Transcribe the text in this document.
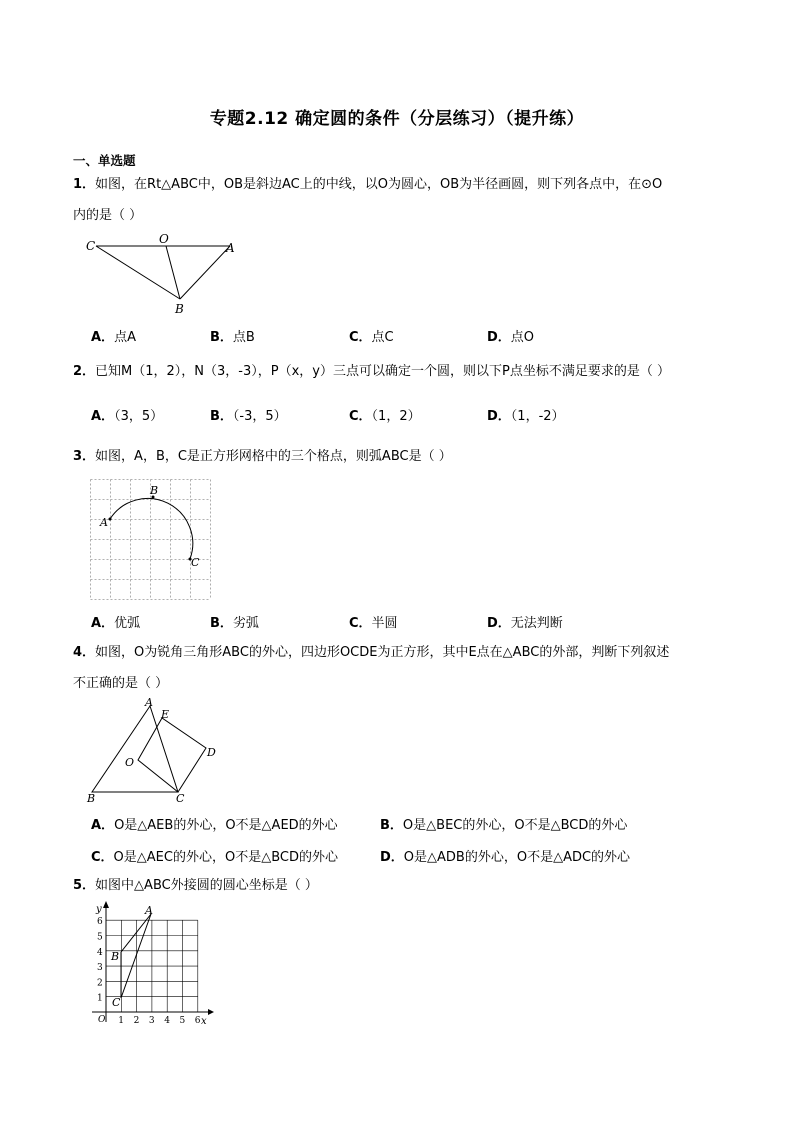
专题2.12 确定圆的条件（分层练习）（提升练）
一、单选题
1．如图，在Rt△ABC中，OB是斜边AC上的中线，以O为圆心，OB为半径画圆，则下列各点中，在⊙O
内的是（ ）
C	O
A
B
A．点A	B．点B	C．点C	D．点O
2．已知M（1，2），N（3，-3），P（x，y）三点可以确定一个圆，则以下P点坐标不满足要求的是（ ）
A．（3，5）	B．（-3，5）	C．（1，2）	D．（1，-2）
3．如图，A，B，C是正方形网格中的三个格点，则弧ABC是（ ）
A
B
C
A．优弧	B．劣弧	C．半圆	D．无法判断
4．如图，O为锐角三角形ABC的外心，四边形OCDE为正方形，其中E点在△ABC的外部，判断下列叙述
不正确的是（ ）
A
E
D
O
B	C
A．O是△AEB的外心，O不是△AED的外心	B．O是△BEC的外心，O不是△BCD的外心
C．O是△AEC的外心，O不是△BCD的外心	D．O是△ADB的外心，O不是△ADC的外心
5．如图中△ABC外接圆的圆心坐标是（ ）
1
1
2
2
3
3
4
4
5
5
6
6
A
B
C
x
y
O
